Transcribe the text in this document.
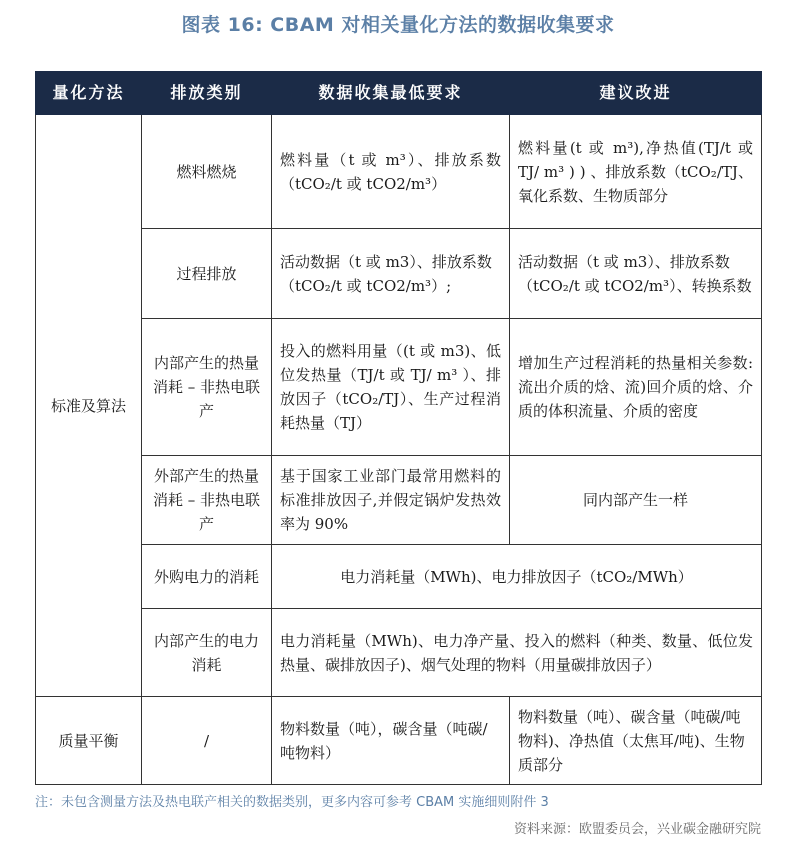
图表 16: CBAM 对相关量化方法的数据收集要求
量化方法	排放类别	数据收集最低要求	建议改进
标准及算法	燃料燃烧	燃料量（t 或 m³）、排放系数（tCO₂/t 或 tCO2/m³）	燃料量(t 或 m³),净热值(TJ/t 或 TJ/ m³ ) ) 、排放系数（tCO₂/TJ、氧化系数、生物质部分
	过程排放	活动数据（t 或 m3）、排放系数（tCO₂/t 或 tCO2/m³）;	活动数据（t 或 m3）、排放系数（tCO₂/t 或 tCO2/m³）、转换系数
	内部产生的热量消耗 – 非热电联产	投入的燃料用量（(t 或 m3)、低位发热量（TJ/t 或 TJ/ m³ ）、排放因子（tCO₂/TJ）、生产过程消耗热量（TJ）	增加生产过程消耗的热量相关参数:流出介质的焓、流)回介质的焓、介质的体积流量、介质的密度
	外部产生的热量消耗 – 非热电联产	基于国家工业部门最常用燃料的标准排放因子,并假定锅炉发热效率为 90%	同内部产生一样
	外购电力的消耗	电力消耗量（MWh)、电力排放因子（tCO₂/MWh）	
	内部产生的电力消耗	电力消耗量（MWh)、电力净产量、投入的燃料（种类、数量、低位发热量、碳排放因子)、烟气处理的物料（用量碳排放因子）	
质量平衡	/	物料数量（吨），碳含量（吨碳/吨物料）	物料数量（吨）、碳含量（吨碳/吨物料)、净热值（太焦耳/吨)、生物质部分
注：未包含测量方法及热电联产相关的数据类别，更多内容可参考 CBAM 实施细则附件 3
资料来源：欧盟委员会，兴业碳金融研究院
